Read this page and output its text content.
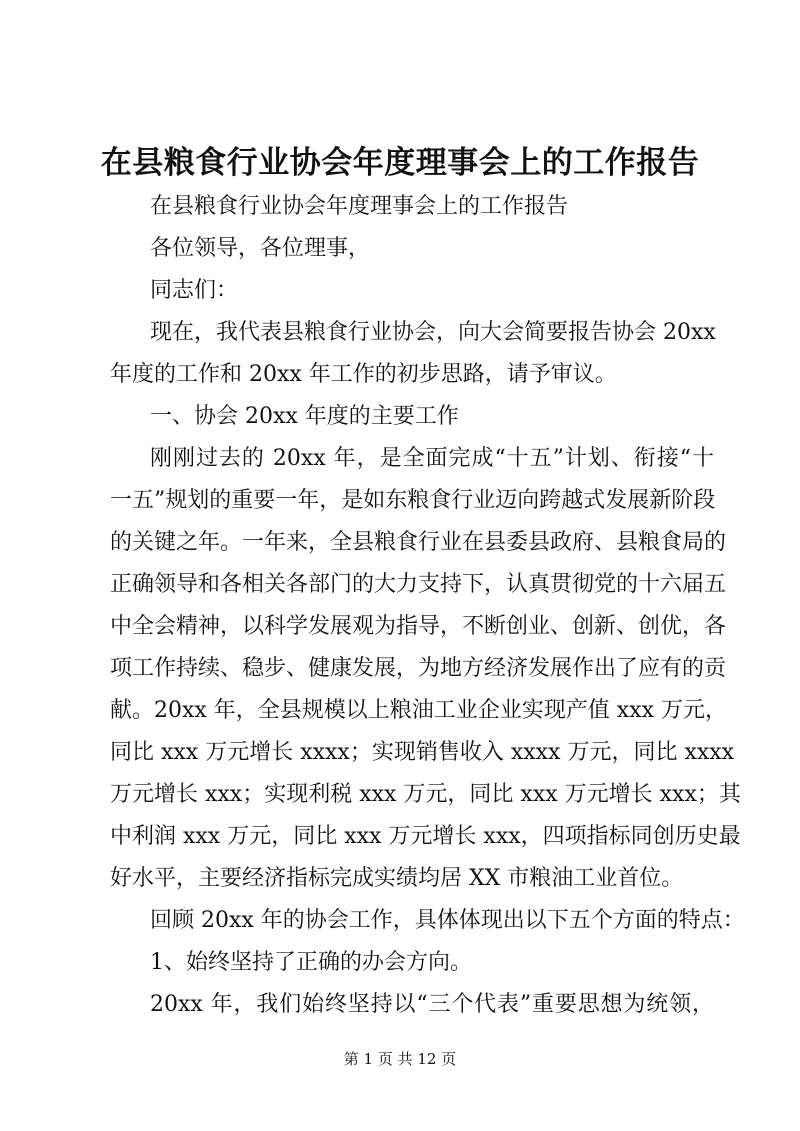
在县粮食行业协会年度理事会上的工作报告
在县粮食行业协会年度理事会上的工作报告
各位领导，各位理事，
同志们：
现在，我代表县粮食行业协会，向大会简要报告协会 20xx
年度的工作和 20xx 年工作的初步思路，请予审议。
一、协会 20xx 年度的主要工作
刚刚过去的 20xx 年，是全面完成“十五”计划、衔接“十
一五”规划的重要一年，是如东粮食行业迈向跨越式发展新阶段
的关键之年。一年来，全县粮食行业在县委县政府、县粮食局的
正确领导和各相关各部门的大力支持下，认真贯彻党的十六届五
中全会精神，以科学发展观为指导，不断创业、创新、创优，各
项工作持续、稳步、健康发展，为地方经济发展作出了应有的贡
献。20xx 年，全县规模以上粮油工业企业实现产值 xxx 万元，
同比 xxx 万元增长 xxxx；实现销售收入 xxxx 万元，同比 xxxx
万元增长 xxx；实现利税 xxx 万元，同比 xxx 万元增长 xxx；其
中利润 xxx 万元，同比 xxx 万元增长 xxx，四项指标同创历史最
好水平，主要经济指标完成实绩均居 XX 市粮油工业首位。
回顾 20xx 年的协会工作，具体体现出以下五个方面的特点：
1、始终坚持了正确的办会方向。
20xx 年，我们始终坚持以“三个代表”重要思想为统领，
第 1 页 共 12 页
